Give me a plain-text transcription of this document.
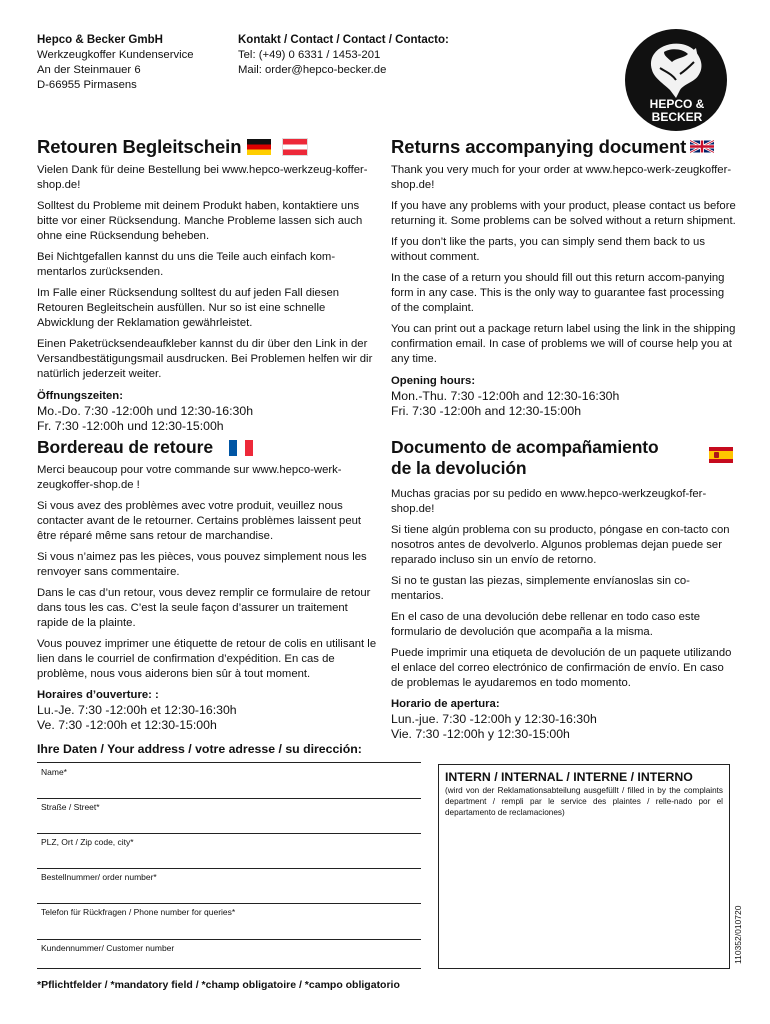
Hepco & Becker GmbH
Werkzeugkoffer Kundenservice
An der Steinmauer 6
D-66955 Pirmasens
Kontakt / Contact / Contact / Contacto:
Tel: (+49) 0 6331 / 1453-201
Mail: order@hepco-becker.de
HEPCO &
BECKER
Retouren Begleitschein

Vielen Dank für deine Bestellung bei www.hepco-werkzeug-koffer-shop.de!

Solltest du Probleme mit deinem Produkt haben, kontaktiere uns bitte vor einer Rücksendung. Manche Probleme lassen sich auch ohne eine Rücksendung beheben.

Bei Nichtgefallen kannst du uns die Teile auch einfach kom-mentarlos zurücksenden.

Im Falle einer Rücksendung solltest du auf jeden Fall diesen Retouren Begleitschein ausfüllen. Nur so ist eine schnelle Abwicklung der Reklamation gewährleistet.

Einen Paketrücksendeaufkleber kannst du dir über den Link in der Versandbestätigungsmail ausdrucken. Bei Problemen helfen wir dir natürlich jederzeit weiter.

Öffnungszeiten:
Mo.-Do. 7:30 -12:00h und 12:30-16:30h
Fr. 7:30 -12:00h und 12:30-15:00h
Returns accompanying document

Thank you very much for your order at www.hepco-werk-zeugkoffer-shop.de!

If you have any problems with your product, please contact us before returning it. Some problems can be solved without a return shipment.

If you don’t like the parts, you can simply send them back to us without comment.

In the case of a return you should fill out this return accom-panying form in any case. This is the only way to guarantee fast processing of the complaint.

You can print out a package return label using the link in the shipping confirmation email. In case of problems we will of course help you at any time.

Opening hours:
Mon.-Thu. 7:30 -12:00h and 12:30-16:30h
Fri. 7:30 -12:00h and 12:30-15:00h
Bordereau de retoure

Merci beaucoup pour votre commande sur www.hepco-werk-zeugkoffer-shop.de !

Si vous avez des problèmes avec votre produit, veuillez nous contacter avant de le retourner. Certains problèmes laissent peut être réparé même sans retour de marchandise.

Si vous n’aimez pas les pièces, vous pouvez simplement nous les renvoyer sans commentaire.

Dans le cas d’un retour, vous devez remplir ce formulaire de retour dans tous les cas. C’est la seule façon d’assurer un traitement rapide de la plainte.

Vous pouvez imprimer une étiquette de retour de colis en utilisant le lien dans le courriel de confirmation d’expédition. En cas de problème, nous vous aiderons bien sûr à tout moment.

Horaires d’ouverture: :
Lu.-Je. 7:30 -12:00h et 12:30-16:30h
Ve. 7:30 -12:00h et 12:30-15:00h
Documento de acompañamiento
de la devolución

Muchas gracias por su pedido en www.hepco-werkzeugkof-fer-shop.de!

Si tiene algún problema con su producto, póngase en con-tacto con nosotros antes de devolverlo. Algunos problemas dejan puede ser reparado incluso sin un envío de retorno.

Si no te gustan las piezas, simplemente envíanoslas sin co-mentarios.

En el caso de una devolución debe rellenar en todo caso este formulario de devolución que acompaña a la misma.

Puede imprimir una etiqueta de devolución de un paquete utilizando el enlace del correo electrónico de confirmación de envío. En caso de problemas le ayudaremos en todo momento.

Horario de apertura:
Lun.-jue. 7:30 -12:00h y 12:30-16:30h
Vie. 7:30 -12:00h y 12:30-15:00h
Ihre Daten / Your address / votre adresse / su dirección:
Name*
Straße / Street*
PLZ, Ort / Zip code, city*
Bestellnummer/ order number*
Telefon für Rückfragen / Phone number for queries*
Kundennummer/ Customer number
INTERN / INTERNAL / INTERNE / INTERNO
(wird von der Reklamationsabteilung ausgefüllt / filled in by the complaints department / rempli par le service des plaintes / relle-nado por el departamento de reclamaciones)
110352/010720
*Pflichtfelder / *mandatory field / *champ obligatoire / *campo obligatorio
